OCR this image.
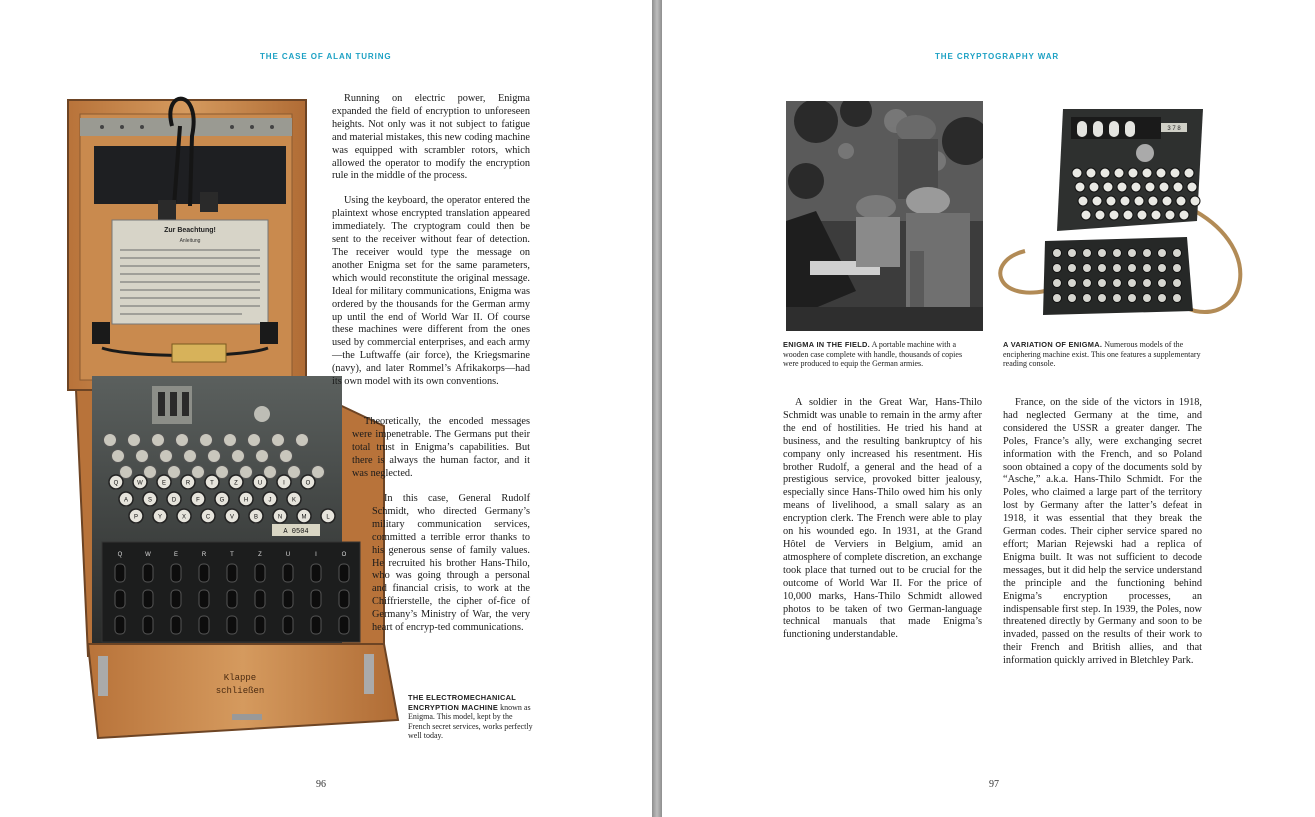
THE CASE OF ALAN TURING
Zur Beachtung!
Anleitung
Q	W	E	R	T	Z	U	I	O
A	S	D	F	G	H	J	K
P	Y	X	C	V	B	N	M	L
A 0504
Q	W	E	R	T	Z	U	I	O
Klappe
schließen

Running on electric power, Enigma expanded the field of encryption to unforeseen heights. Not only was it not subject to fatigue and material mistakes, this new coding machine was equipped with scrambler rotors, which allowed the operator to modify the encryption rule in the middle of the process.

Using the keyboard, the operator entered the plaintext whose encrypted translation appeared immediately. The cryptogram could then be sent to the receiver without fear of detection. The receiver would type the message on another Enigma set for the same parameters, which would reconstitute the original message. Ideal for military communications, Enigma was ordered by the thousands for the German army up until the end of World War II. Of course these machines were different from the ones used by commercial enterprises, and each army—the Luftwaffe (air force), the Kriegsmarine (navy), and later Rommel’s Afrikakorps—had its own model with its own conventions.

Theoretically, the encoded messages were impenetrable. The Germans put their total trust in Enigma’s capabilities. But there is always the human factor, and it was neglected.

In this case, General Rudolf Schmidt, who directed Germany’s military communication services, committed a terrible error thanks to his generous sense of family values. He recruited his brother Hans-Thilo, who was going through a personal and financial crisis, to work at the Chiffrierstelle, the cipher of-fice of Germany’s Ministry of War, the very heart of encryp-ted communications.

THE ELECTROMECHANICAL ENCRYPTION MACHINE known as Enigma. This model, kept by the French secret services, works perfectly well today.
96
THE CRYPTOGRAPHY WAR
3 7 8
ENIGMA IN THE FIELD. A portable machine with a wooden case complete with handle, thousands of copies were produced to equip the German armies.
A VARIATION OF ENIGMA. Numerous models of the enciphering machine exist. This one features a supplementary reading console.

A soldier in the Great War, Hans-Thilo Schmidt was unable to remain in the army after the end of hostilities. He tried his hand at business, and the resulting bankruptcy of his company only increased his resentment. His brother Rudolf, a general and the head of a prestigious service, provoked bitter jealousy, especially since Hans-Thilo owed him his only means of livelihood, a small salary as an encryption clerk. The French were able to play on his wounded ego. In 1931, at the Grand Hôtel de Verviers in Belgium, amid an atmosphere of complete discretion, an exchange took place that turned out to be crucial for the outcome of World War II. For the price of 10,000 marks, Hans-Thilo Schmidt allowed photos to be taken of two German-language technical manuals that made Enigma’s functioning understandable.

France, on the side of the victors in 1918, had neglected Germany at the time, and considered the USSR a greater danger. The Poles, France’s ally, were exchanging secret information with the French, and so Poland soon obtained a copy of the documents sold by “Asche,” a.k.a. Hans-Thilo Schmidt. For the Poles, who claimed a large part of the territory lost by Germany after the latter’s defeat in 1918, it was essential that they break the German codes. Their cipher service spared no effort; Marian Rejewski had a replica of Enigma built. It was not sufficient to decode messages, but it did help the service understand the principle and the functioning behind Enigma’s encryption processes, an indispensable first step. In 1939, the Poles, now threatened directly by Germany and soon to be invaded, passed on the results of their work to their French and British allies, and that information quickly arrived in Bletchley Park.

97
